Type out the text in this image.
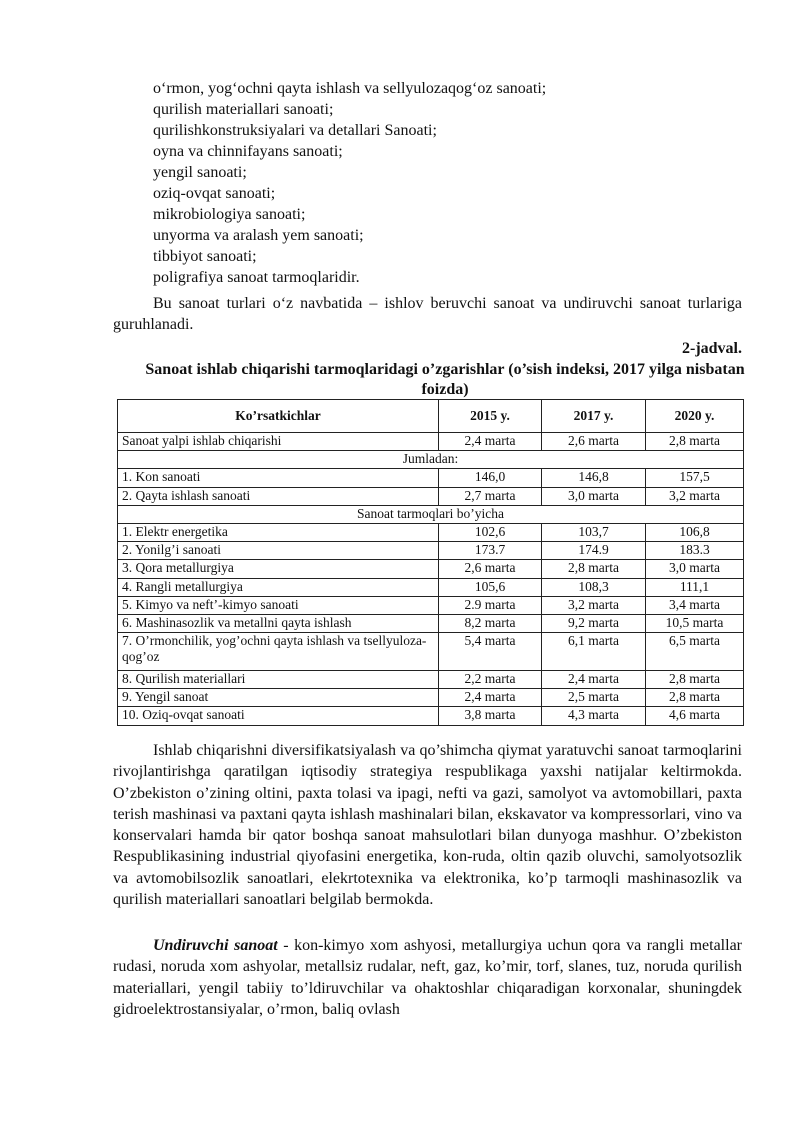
o‘rmon, yog‘ochni qayta ishlash va sellyulozaqog‘oz sanoati;
qurilish materiallari sanoati;
qurilishkonstruksiyalari va detallari Sanoati;
oyna va chinnifayans sanoati;
yengil sanoati;
oziq-ovqat sanoati;
mikrobiologiya sanoati;
unyorma va aralash yem sanoati;
tibbiyot sanoati;
poligrafiya sanoat tarmoqlaridir.
Bu sanoat turlari o‘z navbatida – ishlov beruvchi sanoat va undiruvchi sanoat turlariga guruhlanadi.
2-jadval.
Sanoat ishlab chiqarishi tarmoqlaridagi o’zgarishlar (o’sish indeksi, 2017 yilga nisbatan foizda)
Ko’rsatkichlar	2015 y.	2017 y.	2020 y.
Sanoat yalpi ishlab chiqarishi	2,4 marta	2,6 marta	2,8 marta
Jumladan:			
1. Kon sanoati	146,0	146,8	157,5
2. Qayta ishlash sanoati	2,7 marta	3,0 marta	3,2 marta
Sanoat tarmoqlari bo’yicha			
1. Elektr energetika	102,6	103,7	106,8
2. Yonilg’i sanoati	173.7	174.9	183.3
3. Qora metallurgiya	2,6 marta	2,8 marta	3,0 marta
4. Rangli metallurgiya	105,6	108,3	111,1
5. Kimyo va neft’-kimyo sanoati	2.9 marta	3,2 marta	3,4 marta
6. Mashinasozlik va metallni qayta ishlash	8,2 marta	9,2 marta	10,5 marta
7. O’rmonchilik, yog’ochni qayta ishlash va tsellyuloza-qog’oz	5,4 marta	6,1 marta	6,5 marta
8. Qurilish materiallari	2,2 marta	2,4 marta	2,8 marta
9. Yengil sanoat	2,4 marta	2,5 marta	2,8 marta
10. Oziq-ovqat sanoati	3,8 marta	4,3 marta	4,6 marta
Ishlab chiqarishni diversifikatsiyalash va qo’shimcha qiymat yaratuvchi sanoat tarmoqlarini rivojlantirishga qaratilgan iqtisodiy strategiya respublikaga yaxshi natijalar keltirmokda. O’zbekiston o’zining oltini, paxta tolasi va ipagi, nefti va gazi, samolyot va avtomobillari, paxta terish mashinasi va paxtani qayta ishlash mashinalari bilan, ekskavator va kompressorlari, vino va konservalari hamda bir qator boshqa sanoat mahsulotlari bilan dunyoga mashhur. O’zbekiston Respublikasining industrial qiyofasini energetika, kon-ruda, oltin qazib oluvchi, samolyotsozlik va avtomobilsozlik sanoatlari, elekrtotexnika va elektronika, ko’p tarmoqli mashinasozlik va qurilish materiallari sanoatlari belgilab bermokda.
Undiruvchi sanoat - kon-kimyo xom ashyosi, metallurgiya uchun qora va rangli metallar rudasi, noruda xom ashyolar, metallsiz rudalar, neft, gaz, ko’mir, torf, slanes, tuz, noruda qurilish materiallari, yengil tabiiy to’ldiruvchilar va ohaktoshlar chiqaradigan korxonalar, shuningdek gidroelektrostansiyalar, o’rmon, baliq ovlash
